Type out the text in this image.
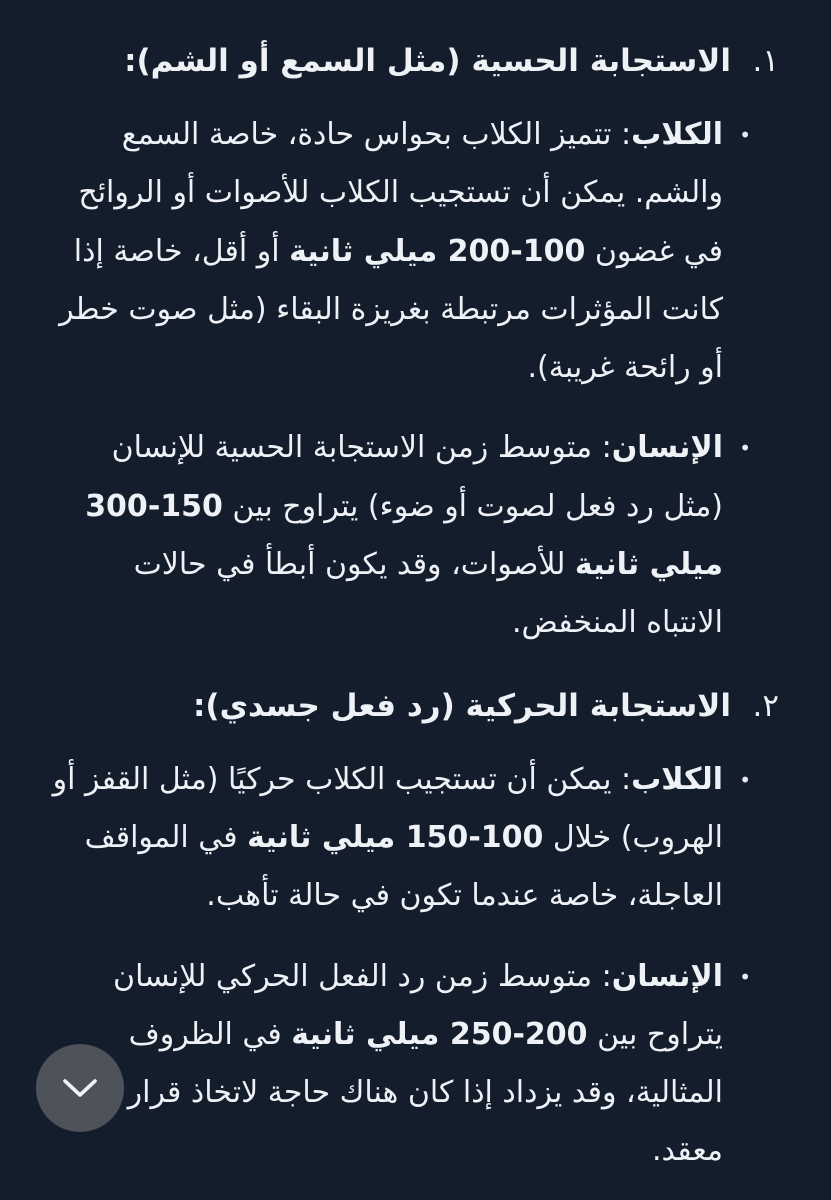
١.
الاستجابة الحسية (مثل السمع أو الشم):
•
الكلاب: تتميز الكلاب بحواس حادة، خاصة السمع والشم. يمكن أن تستجيب الكلاب للأصوات أو الروائح في غضون 100-200 ميلي ثانية أو أقل، خاصة إذا كانت المؤثرات مرتبطة بغريزة البقاء (مثل صوت خطر أو رائحة غريبة).
•
الإنسان: متوسط زمن الاستجابة الحسية للإنسان (مثل رد فعل لصوت أو ضوء) يتراوح بين 150-300 ميلي ثانية للأصوات، وقد يكون أبطأ في حالات الانتباه المنخفض.
٢.
الاستجابة الحركية (رد فعل جسدي):
•
الكلاب: يمكن أن تستجيب الكلاب حركيًا (مثل القفز أو الهروب) خلال 100-150 ميلي ثانية في المواقف العاجلة، خاصة عندما تكون في حالة تأهب.
•
الإنسان: متوسط زمن رد الفعل الحركي للإنسان يتراوح بين 200-250 ميلي ثانية في الظروف المثالية، وقد يزداد إذا كان هناك حاجة لاتخاذ قرار معقد.
